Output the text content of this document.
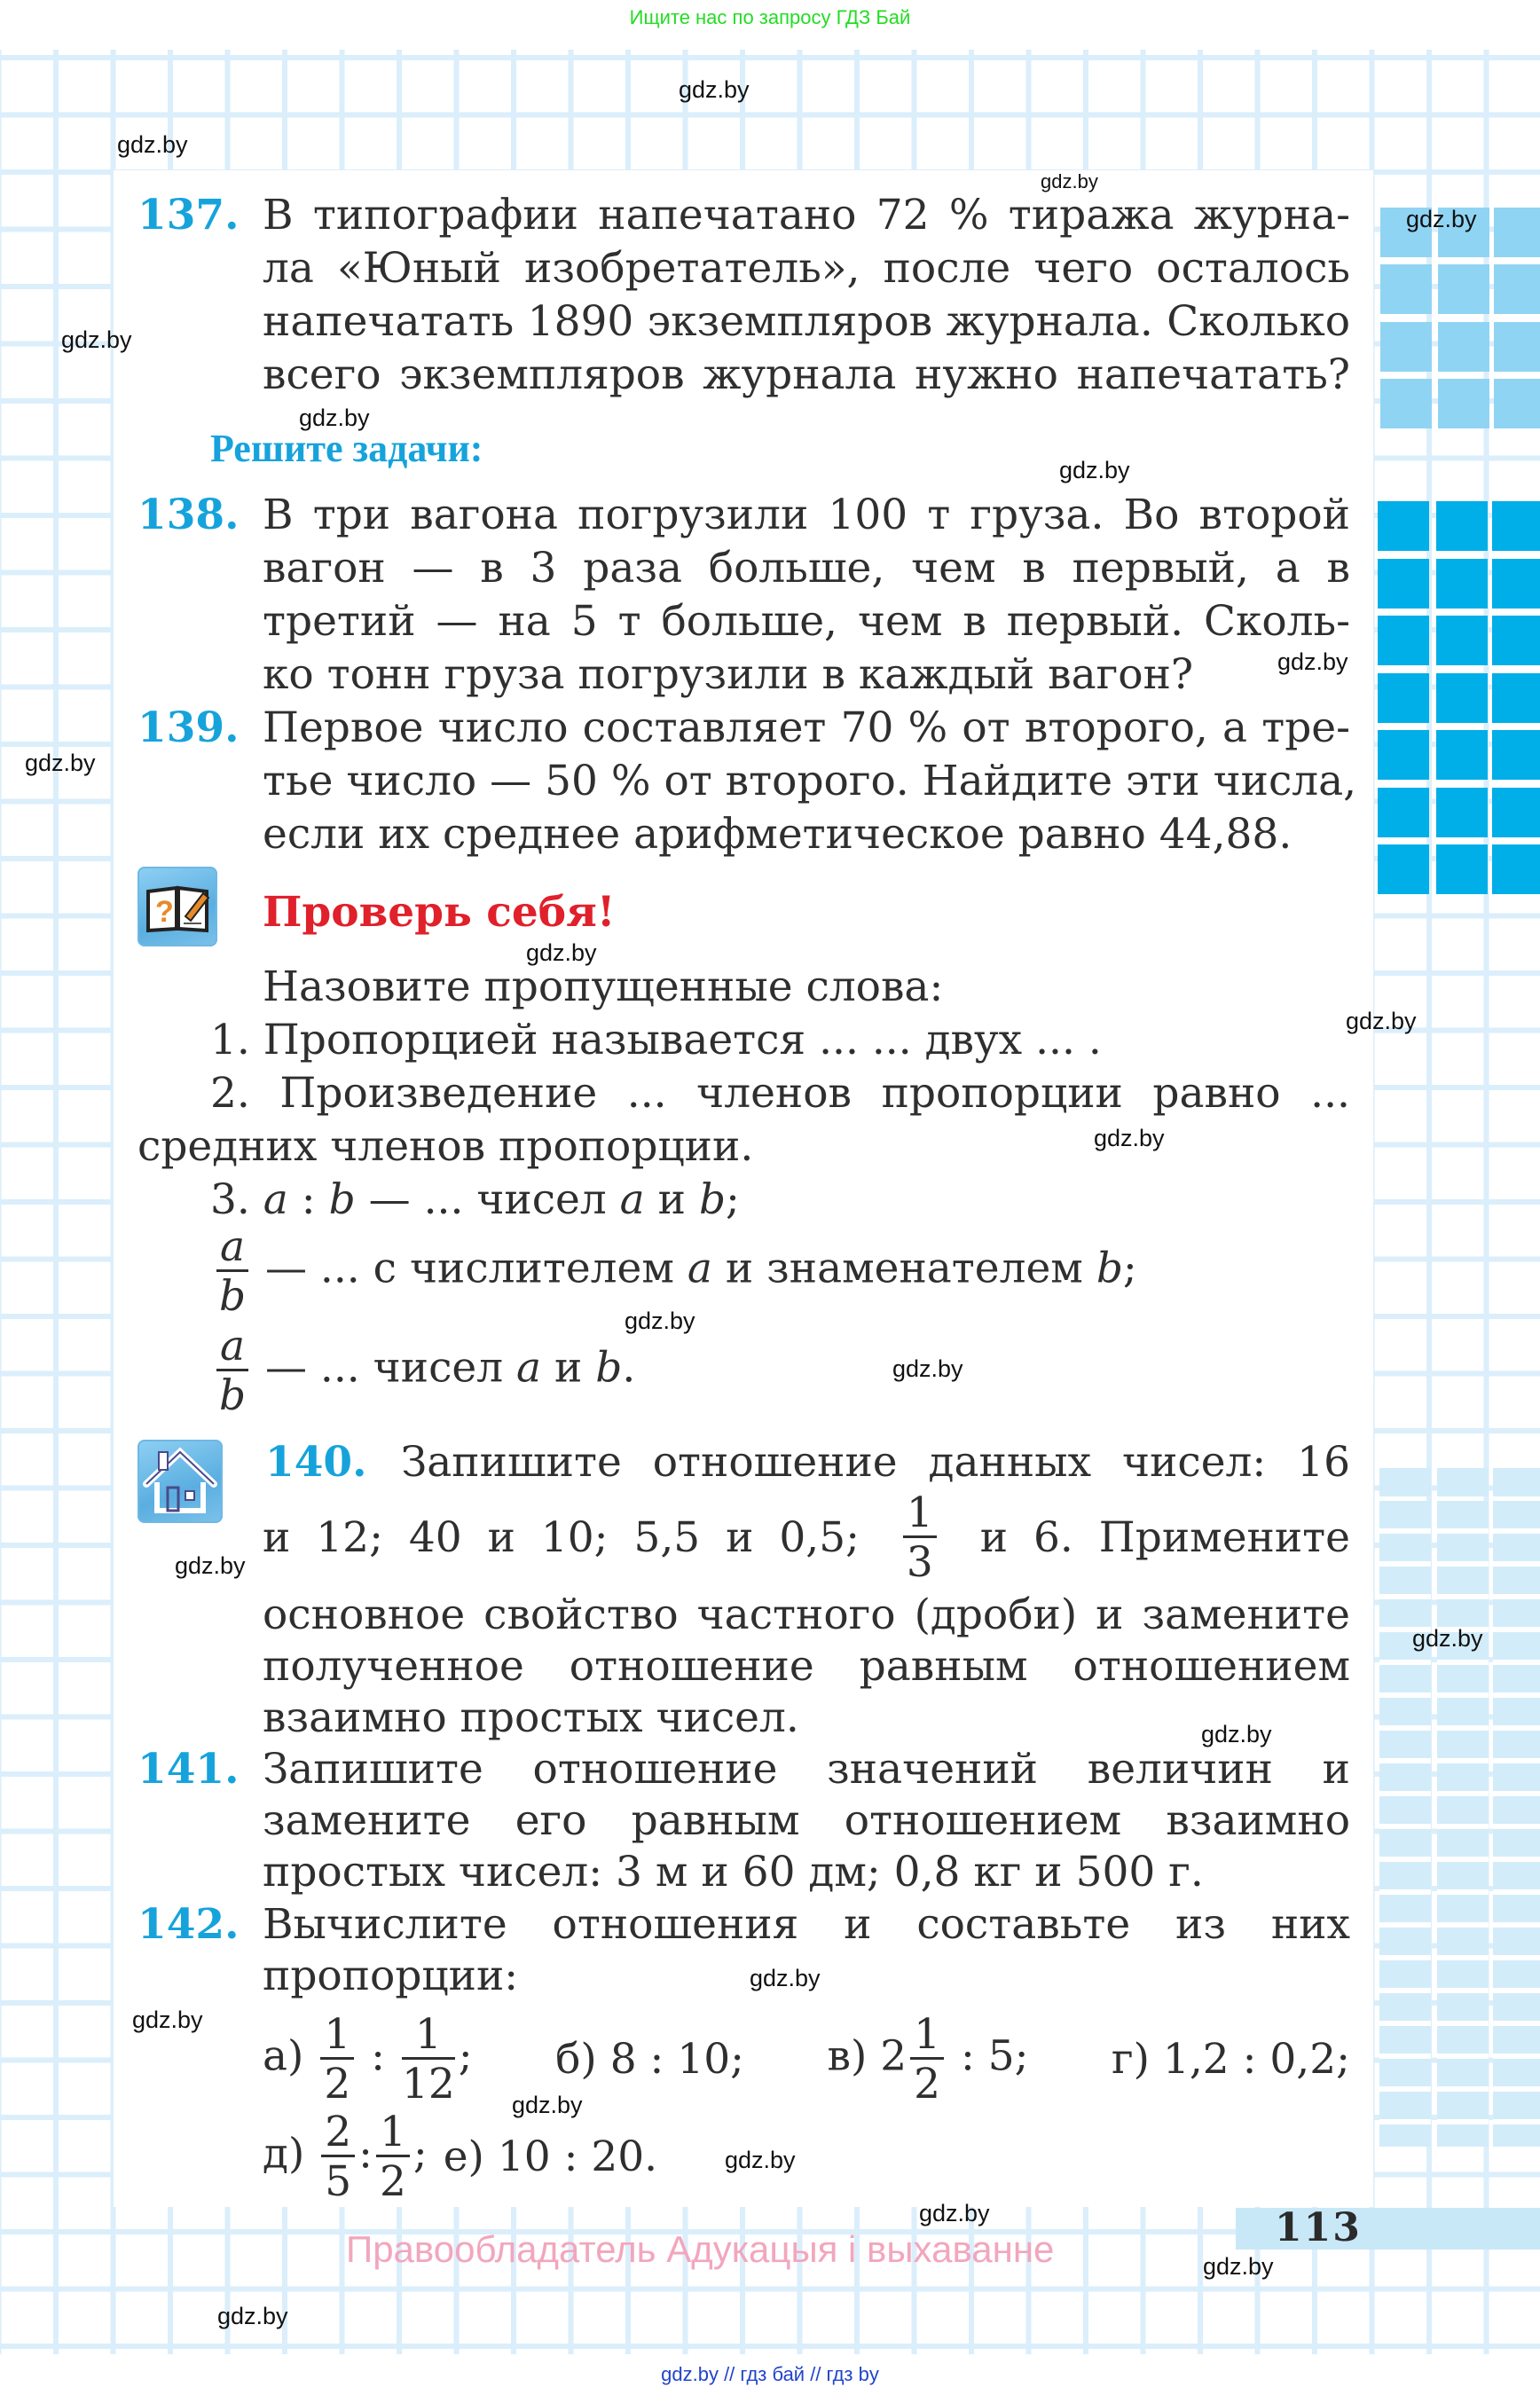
Ищите нас по запросу ГДЗ Бай
137. В типографии напечатано 72 % тиража журна-
ла «Юный изобретатель», после чего осталось
напечатать 1890 экземпляров журнала. Сколько
всего экземпляров журнала нужно напечатать?
Решите задачи:
138. В три вагона погрузили 100 т груза. Во второй
вагон — в 3 раза больше, чем в первый, а в
третий — на 5 т больше, чем в первый. Сколь-
ко тонн груза погрузили в каждый вагон?
139. Первое число составляет 70 % от второго, а тре-
тье число — 50 % от второго. Найдите эти числа,
если их среднее арифметическое равно 44,88.
? Проверь себя!
Назовите пропущенные слова:
1. Пропорцией называется ... ... двух ... .
2. Произведение ... членов пропорции равно ...
средних членов пропорции.
3. a : b — ... чисел a и b;
$\frac{a}{b}$ — ... с числителем a и знаменателем b;
$\frac{a}{b}$ — ... чисел a и b.
140. Запишите отношение данных чисел: 16
и 12; 40 и 10; 5,5 и 0,5; $\frac{1}{3}$ и 6. Примените
основное свойство частного (дроби) и замените
полученное отношение равным отношением
взаимно простых чисел.
141. Запишите отношение значений величин и
замените его равным отношением взаимно
простых чисел: 3 м и 60 дм; 0,8 кг и 500 г.
142. Вычислите отношения и составьте из них
пропорции:
$а) \frac{1}{2}$ : $\frac{1}{12}$ ; б) 8 : 10; в) $2 \frac{1}{2}$ : 5; г) 1,2 : 0,2;
$д) \frac{2}{5}$ : $\frac{1}{2}$ ; е) 10 : 20.
113
Правообладатель Адукацыя і выхаванне
gdz.by
gdz.by
gdz.by
gdz.by
gdz.by
gdz.by
gdz.by
gdz.by
gdz.by
gdz.by
gdz.by
gdz.by
gdz.by
gdz.by
gdz.by
gdz.by
gdz.by
gdz.by
gdz.by
gdz.by
gdz.by
gdz.by
gdz.by
gdz.by
gdz.by // гдз бай // гдз by
